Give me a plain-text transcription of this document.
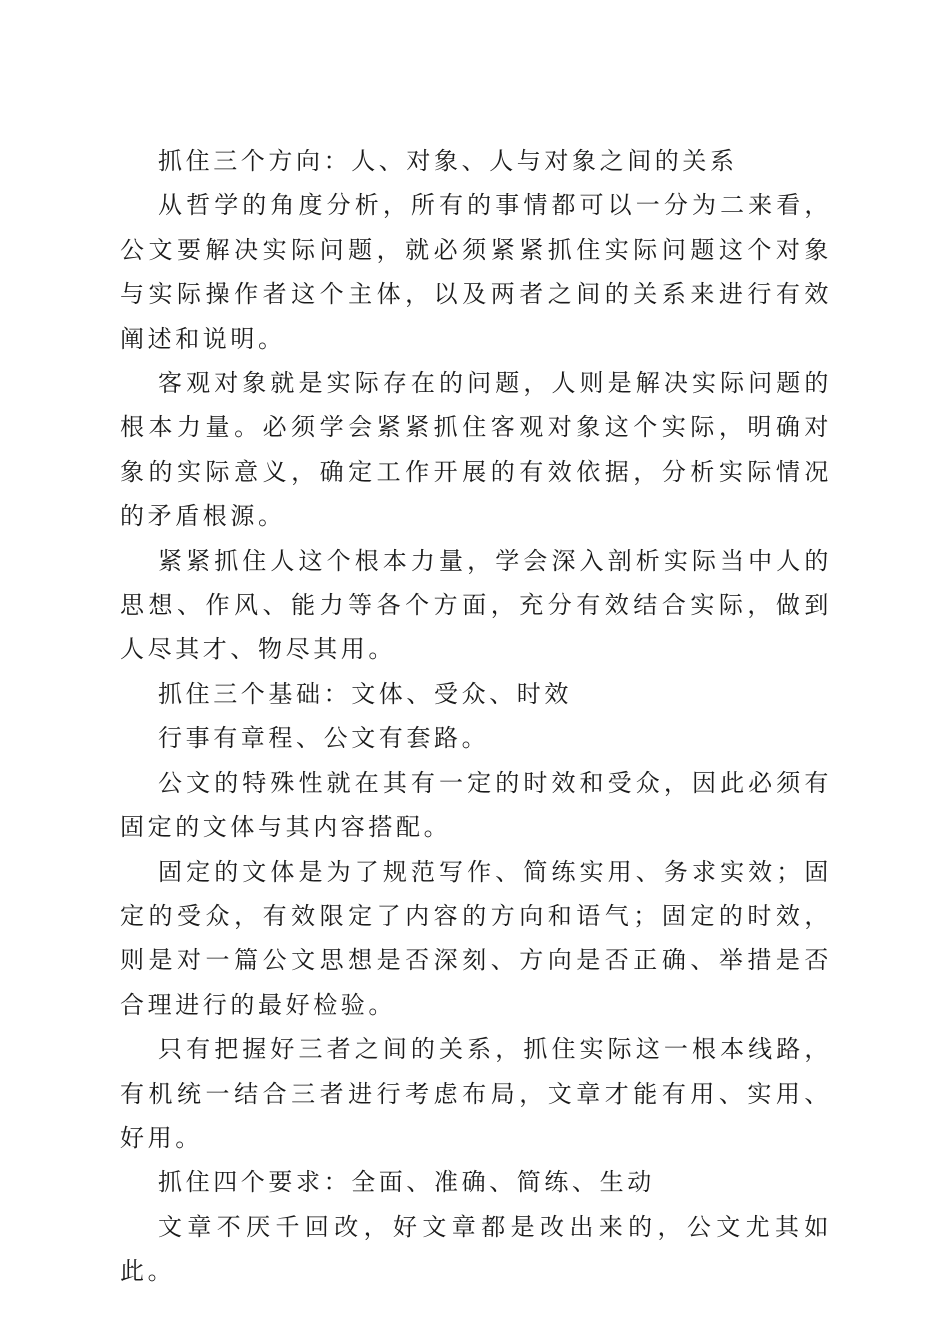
抓住三个方向：人、对象、人与对象之间的关系

从哲学的角度分析，所有的事情都可以一分为二来看，公文要解决实际问题，就必须紧紧抓住实际问题这个对象与实际操作者这个主体，以及两者之间的关系来进行有效阐述和说明。

客观对象就是实际存在的问题，人则是解决实际问题的根本力量。必须学会紧紧抓住客观对象这个实际，明确对象的实际意义，确定工作开展的有效依据，分析实际情况的矛盾根源。

紧紧抓住人这个根本力量，学会深入剖析实际当中人的思想、作风、能力等各个方面，充分有效结合实际，做到人尽其才、物尽其用。

抓住三个基础：文体、受众、时效

行事有章程、公文有套路。

公文的特殊性就在其有一定的时效和受众，因此必须有固定的文体与其内容搭配。

固定的文体是为了规范写作、简练实用、务求实效；固定的受众，有效限定了内容的方向和语气；固定的时效，则是对一篇公文思想是否深刻、方向是否正确、举措是否合理进行的最好检验。

只有把握好三者之间的关系，抓住实际这一根本线路，有机统一结合三者进行考虑布局，文章才能有用、实用、好用。

抓住四个要求：全面、准确、简练、生动

文章不厌千回改，好文章都是改出来的，公文尤其如此。
